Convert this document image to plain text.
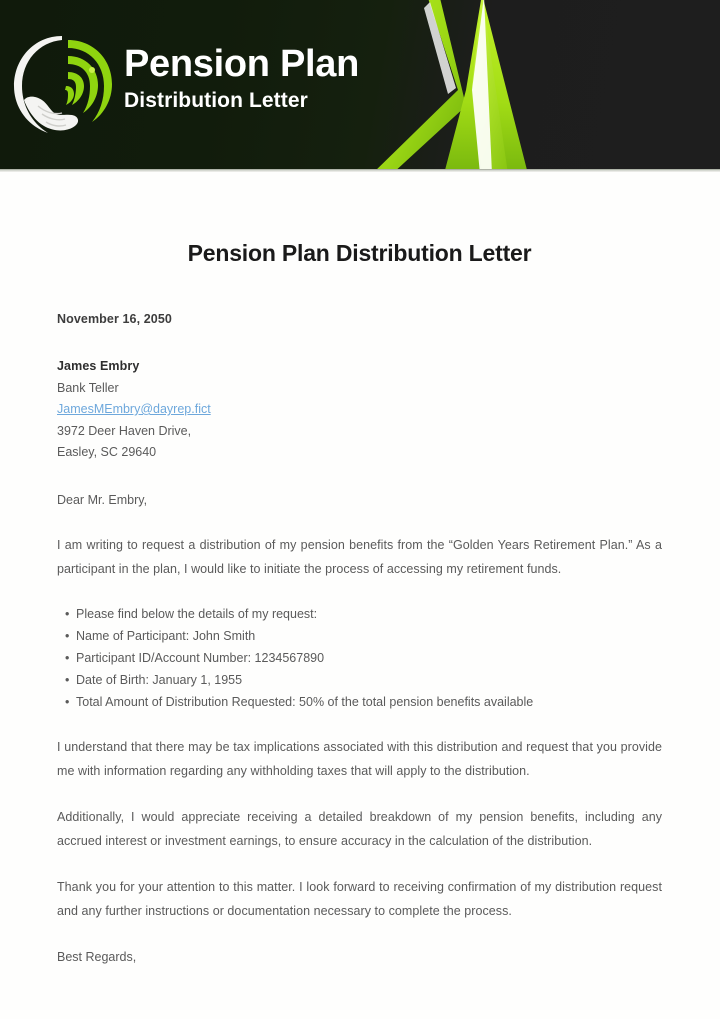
Pension Plan
Distribution Letter
Pension Plan Distribution Letter
November 16, 2050
James Embry
Bank Teller
JamesMEmbry@dayrep.fict
3972 Deer Haven Drive,
Easley, SC 29640
Dear Mr. Embry,

I am writing to request a distribution of my pension benefits from the “Golden Years Retirement Plan.” As a participant in the plan, I would like to initiate the process of accessing my retirement funds.

• Please find below the details of my request:
• Name of Participant: John Smith
• Participant ID/Account Number: 1234567890
• Date of Birth: January 1, 1955
• Total Amount of Distribution Requested: 50% of the total pension benefits available

I understand that there may be tax implications associated with this distribution and request that you provide me with information regarding any withholding taxes that will apply to the distribution.

Additionally, I would appreciate receiving a detailed breakdown of my pension benefits, including any accrued interest or investment earnings, to ensure accuracy in the calculation of the distribution.

Thank you for your attention to this matter. I look forward to receiving confirmation of my distribution request and any further instructions or documentation necessary to complete the process.

Best Regards,
